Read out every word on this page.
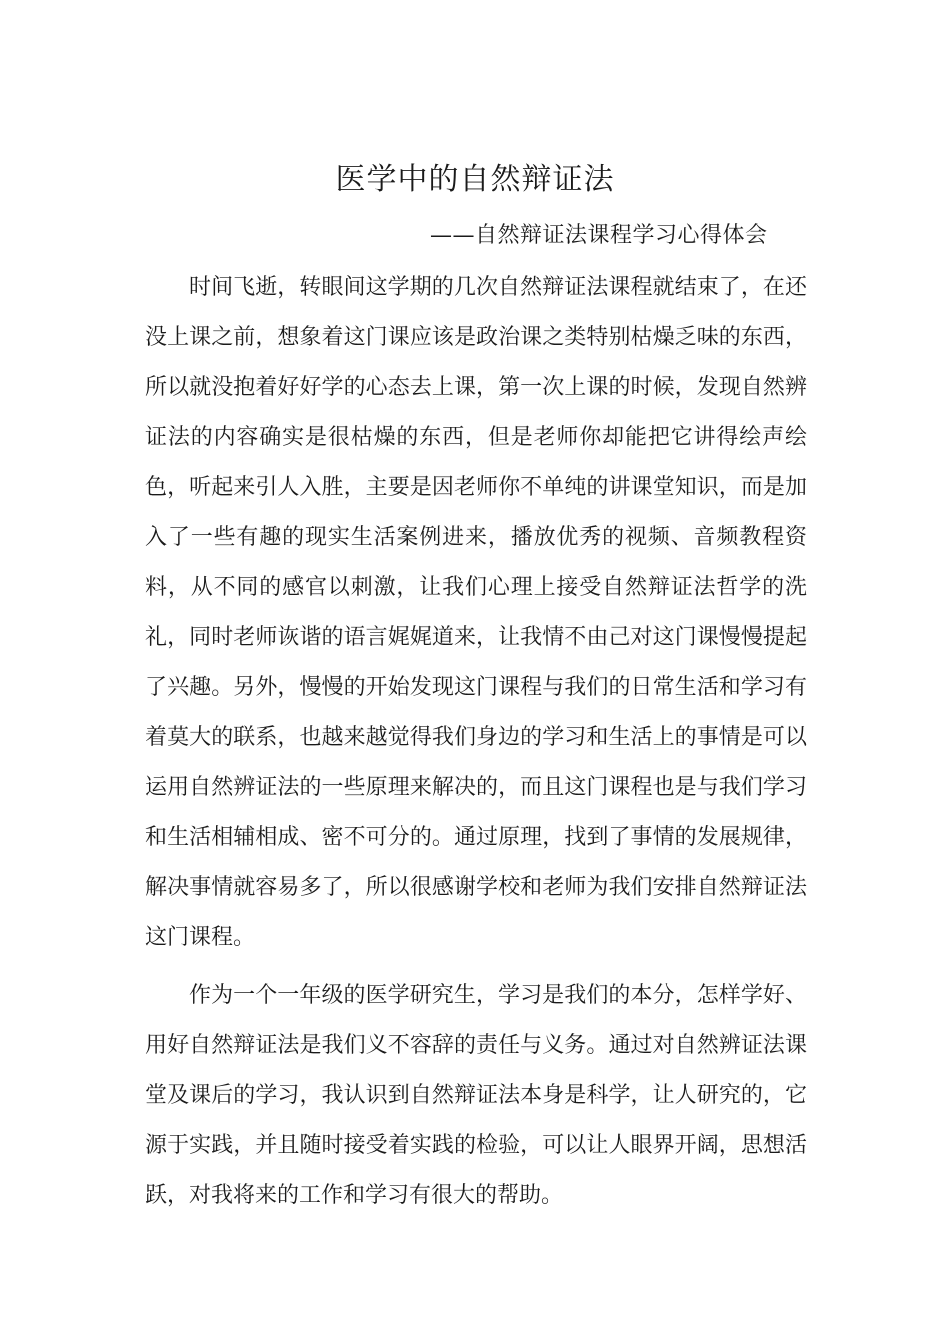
医学中的自然辩证法

——自然辩证法课程学习心得体会

时间飞逝，转眼间这学期的几次自然辩证法课程就结束了，在还没上课之前，想象着这门课应该是政治课之类特别枯燥乏味的东西，所以就没抱着好好学的心态去上课，第一次上课的时候，发现自然辨证法的内容确实是很枯燥的东西，但是老师你却能把它讲得绘声绘色，听起来引人入胜，主要是因老师你不单纯的讲课堂知识，而是加入了一些有趣的现实生活案例进来，播放优秀的视频、音频教程资料，从不同的感官以刺激，让我们心理上接受自然辩证法哲学的洗礼，同时老师诙谐的语言娓娓道来，让我情不由己对这门课慢慢提起了兴趣。另外，慢慢的开始发现这门课程与我们的日常生活和学习有着莫大的联系，也越来越觉得我们身边的学习和生活上的事情是可以运用自然辨证法的一些原理来解决的，而且这门课程也是与我们学习和生活相辅相成、密不可分的。通过原理，找到了事情的发展规律，解决事情就容易多了，所以很感谢学校和老师为我们安排自然辩证法这门课程。

作为一个一年级的医学研究生，学习是我们的本分，怎样学好、用好自然辩证法是我们义不容辞的责任与义务。通过对自然辨证法课堂及课后的学习，我认识到自然辩证法本身是科学，让人研究的，它源于实践，并且随时接受着实践的检验，可以让人眼界开阔，思想活跃，对我将来的工作和学习有很大的帮助。
